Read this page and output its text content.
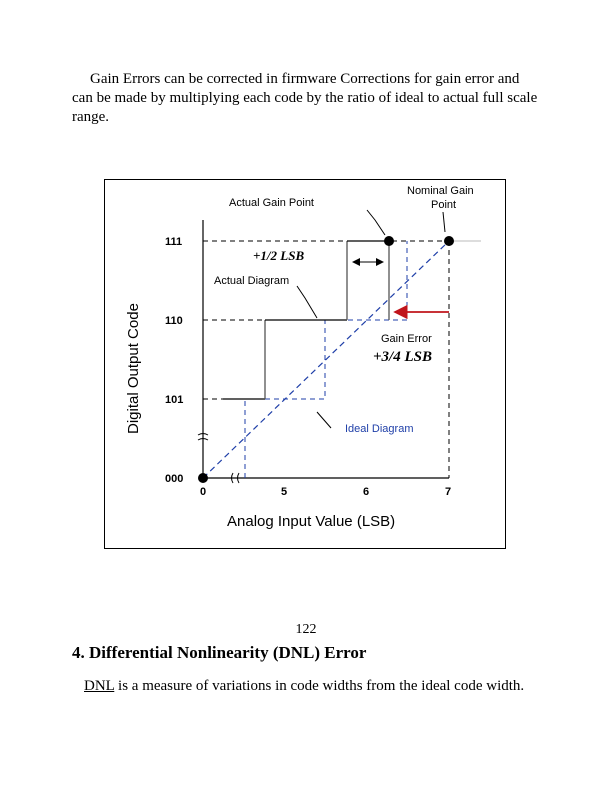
Gain Errors can be corrected in firmware Corrections for gain error and can be made by multiplying each code by the ratio of ideal to actual full scale range.

111
110
101
000
0	5	6	7
Analog Input Value (LSB)
Digital Output Code
Actual Gain Point
Nominal Gain
Point
Actual Diagram
Gain Error
Ideal Diagram
+1/2 LSB
+3/4 LSB

122

4. Differential Nonlinearity (DNL) Error

DNL is a measure of variations in code widths from the ideal code width.
